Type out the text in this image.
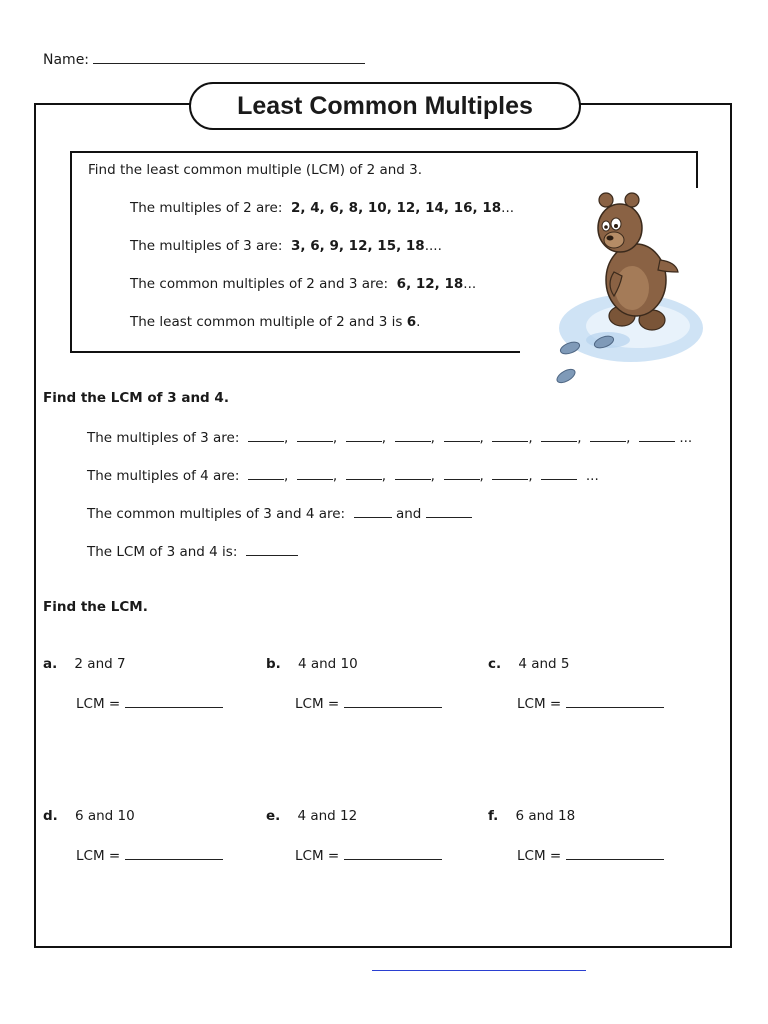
Name:
Least Common Multiples
Find the least common multiple (LCM) of 2 and 3.
The multiples of 2 are: 2, 4, 6, 8, 10, 12, 14, 16, 18...
The multiples of 3 are: 3, 6, 9, 12, 15, 18....
The common multiples of 2 and 3 are: 6, 12, 18...
The least common multiple of 2 and 3 is 6.
Find the LCM of 3 and 4.
The multiples of 3 are:	,	,	,	,	,	,	,	,	...
The multiples of 4 are:	,	,	,	,	,	,	...
The common multiples of 3 and 4 are:	and
The LCM of 3 and 4 is:
Find the LCM.
a. 2 and 7
LCM =
b. 4 and 10
LCM =
c. 4 and 5
LCM =
d. 6 and 10
LCM =
e. 4 and 12
LCM =
f. 6 and 18
LCM =
